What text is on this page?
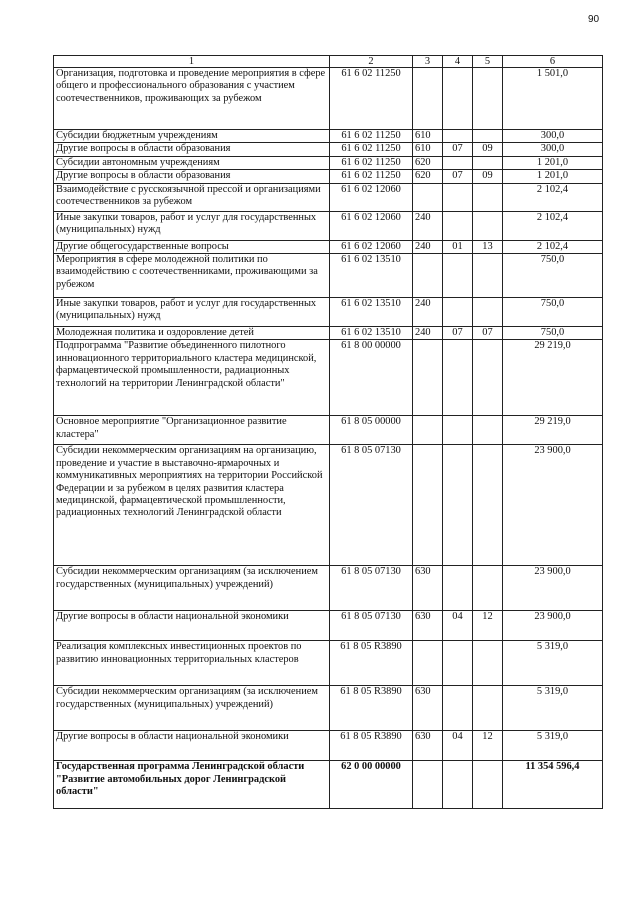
90
1	2	3	4	5	6
Организация, подготовка и проведение мероприятия в сфере общего и профессионального образования с участием соотечественников, проживающих за рубежом	61 6 02 11250				1 501,0
Субсидии бюджетным учреждениям	61 6 02 11250	610			300,0
Другие вопросы в области образования	61 6 02 11250	610	07	09	300,0
Субсидии автономным учреждениям	61 6 02 11250	620			1 201,0
Другие вопросы в области образования	61 6 02 11250	620	07	09	1 201,0
Взаимодействие с русскоязычной прессой и организациями соотечественников за рубежом	61 6 02 12060				2 102,4
Иные закупки товаров, работ и услуг для государственных (муниципальных) нужд	61 6 02 12060	240			2 102,4
Другие общегосударственные вопросы	61 6 02 12060	240	01	13	2 102,4
Мероприятия в сфере молодежной политики по взаимодействию с соотечественниками, проживающими за рубежом	61 6 02 13510				750,0
Иные закупки товаров, работ и услуг для государственных (муниципальных) нужд	61 6 02 13510	240			750,0
Молодежная политика и оздоровление детей	61 6 02 13510	240	07	07	750,0
Подпрограмма "Развитие объединенного пилотного инновационного территориального кластера медицинской, фармацевтической промышленности, радиационных технологий на территории Ленинградской области"	61 8 00 00000				29 219,0
Основное мероприятие "Организационное развитие кластера"	61 8 05 00000				29 219,0
Субсидии некоммерческим организациям на организацию, проведение и участие в выставочно-ярмарочных и коммуникативных мероприятиях на территории Российской Федерации и за рубежом в целях развития кластера медицинской, фармацевтической промышленности, радиационных технологий Ленинградской области	61 8 05 07130				23 900,0
Субсидии некоммерческим организациям (за исключением государственных (муниципальных) учреждений)	61 8 05 07130	630			23 900,0
Другие вопросы в области национальной экономики	61 8 05 07130	630	04	12	23 900,0
Реализация комплексных инвестиционных проектов по развитию инновационных территориальных кластеров	61 8 05 R3890				5 319,0
Субсидии некоммерческим организациям (за исключением государственных (муниципальных) учреждений)	61 8 05 R3890	630			5 319,0
Другие вопросы в области национальной экономики	61 8 05 R3890	630	04	12	5 319,0
Государственная программа Ленинградской области "Развитие автомобильных дорог Ленинградской области"	62 0 00 00000				11 354 596,4
